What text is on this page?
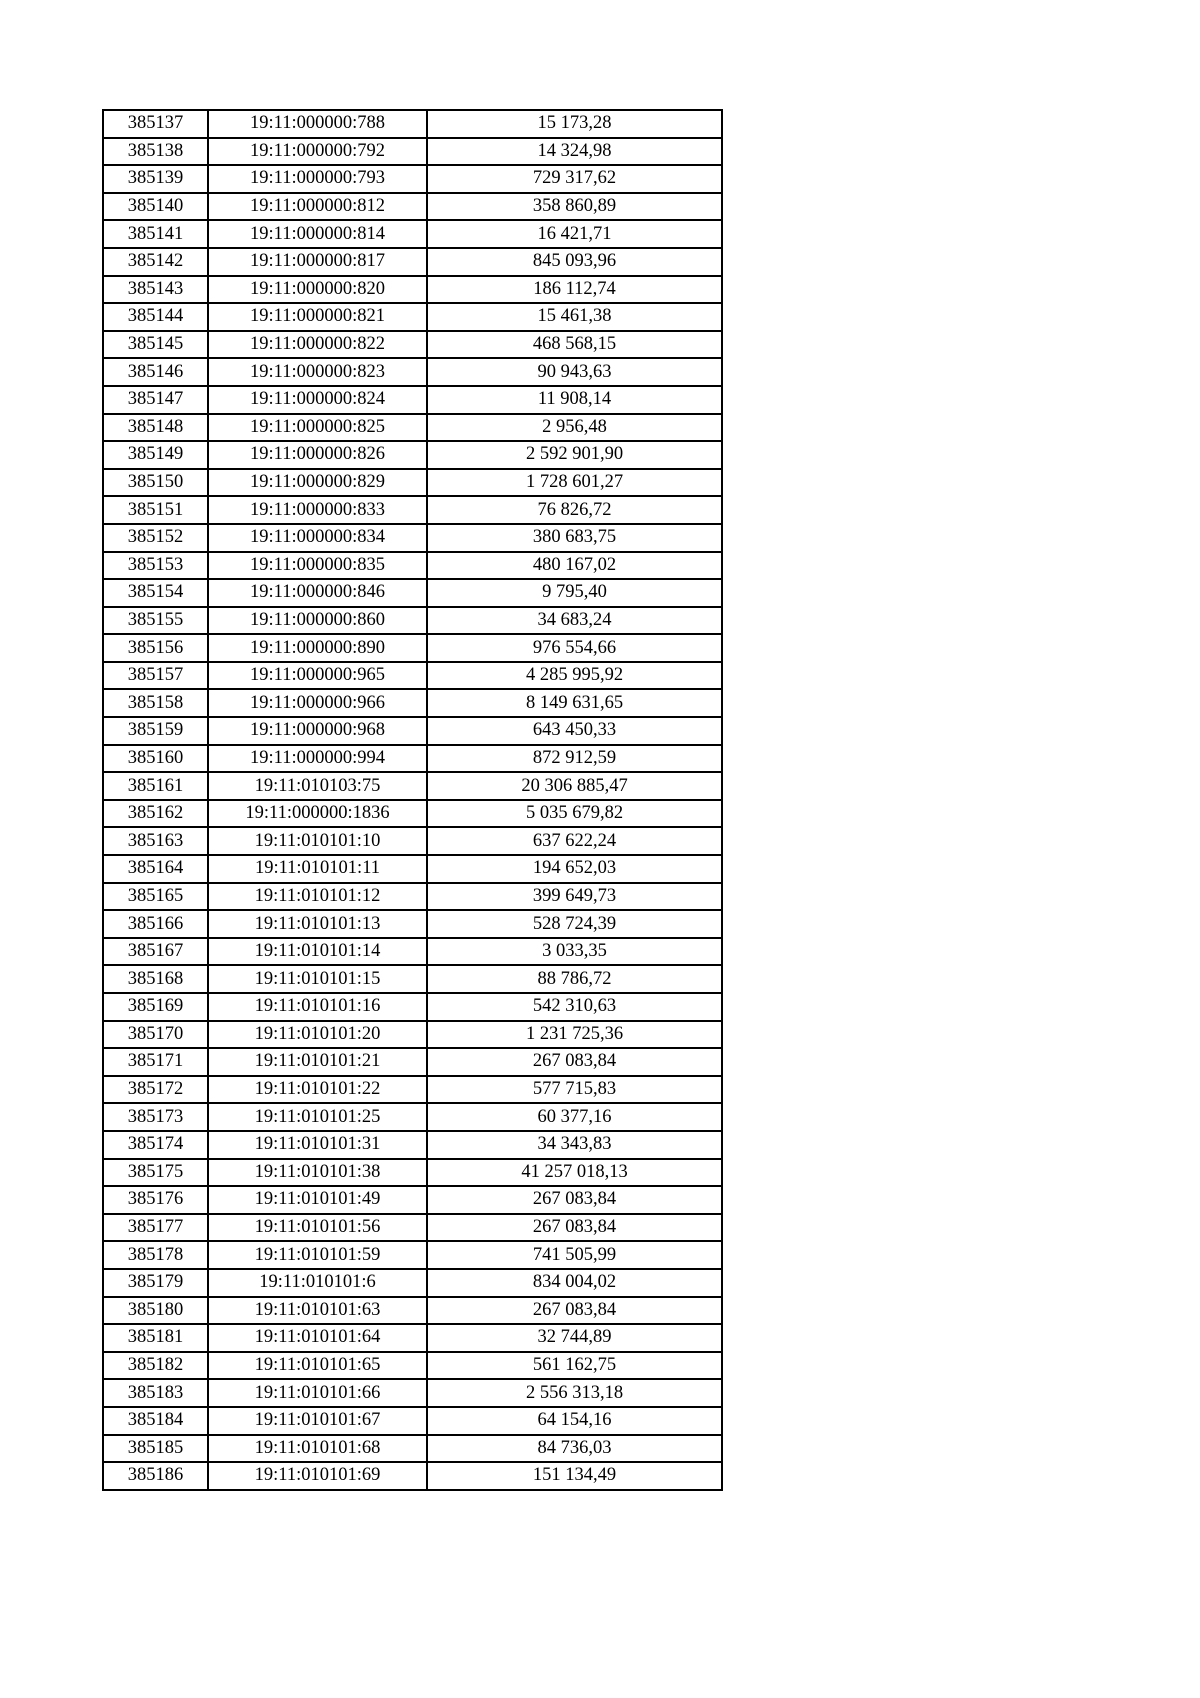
385137	19:11:000000:788	15 173,28
385138	19:11:000000:792	14 324,98
385139	19:11:000000:793	729 317,62
385140	19:11:000000:812	358 860,89
385141	19:11:000000:814	16 421,71
385142	19:11:000000:817	845 093,96
385143	19:11:000000:820	186 112,74
385144	19:11:000000:821	15 461,38
385145	19:11:000000:822	468 568,15
385146	19:11:000000:823	90 943,63
385147	19:11:000000:824	11 908,14
385148	19:11:000000:825	2 956,48
385149	19:11:000000:826	2 592 901,90
385150	19:11:000000:829	1 728 601,27
385151	19:11:000000:833	76 826,72
385152	19:11:000000:834	380 683,75
385153	19:11:000000:835	480 167,02
385154	19:11:000000:846	9 795,40
385155	19:11:000000:860	34 683,24
385156	19:11:000000:890	976 554,66
385157	19:11:000000:965	4 285 995,92
385158	19:11:000000:966	8 149 631,65
385159	19:11:000000:968	643 450,33
385160	19:11:000000:994	872 912,59
385161	19:11:010103:75	20 306 885,47
385162	19:11:000000:1836	5 035 679,82
385163	19:11:010101:10	637 622,24
385164	19:11:010101:11	194 652,03
385165	19:11:010101:12	399 649,73
385166	19:11:010101:13	528 724,39
385167	19:11:010101:14	3 033,35
385168	19:11:010101:15	88 786,72
385169	19:11:010101:16	542 310,63
385170	19:11:010101:20	1 231 725,36
385171	19:11:010101:21	267 083,84
385172	19:11:010101:22	577 715,83
385173	19:11:010101:25	60 377,16
385174	19:11:010101:31	34 343,83
385175	19:11:010101:38	41 257 018,13
385176	19:11:010101:49	267 083,84
385177	19:11:010101:56	267 083,84
385178	19:11:010101:59	741 505,99
385179	19:11:010101:6	834 004,02
385180	19:11:010101:63	267 083,84
385181	19:11:010101:64	32 744,89
385182	19:11:010101:65	561 162,75
385183	19:11:010101:66	2 556 313,18
385184	19:11:010101:67	64 154,16
385185	19:11:010101:68	84 736,03
385186	19:11:010101:69	151 134,49
